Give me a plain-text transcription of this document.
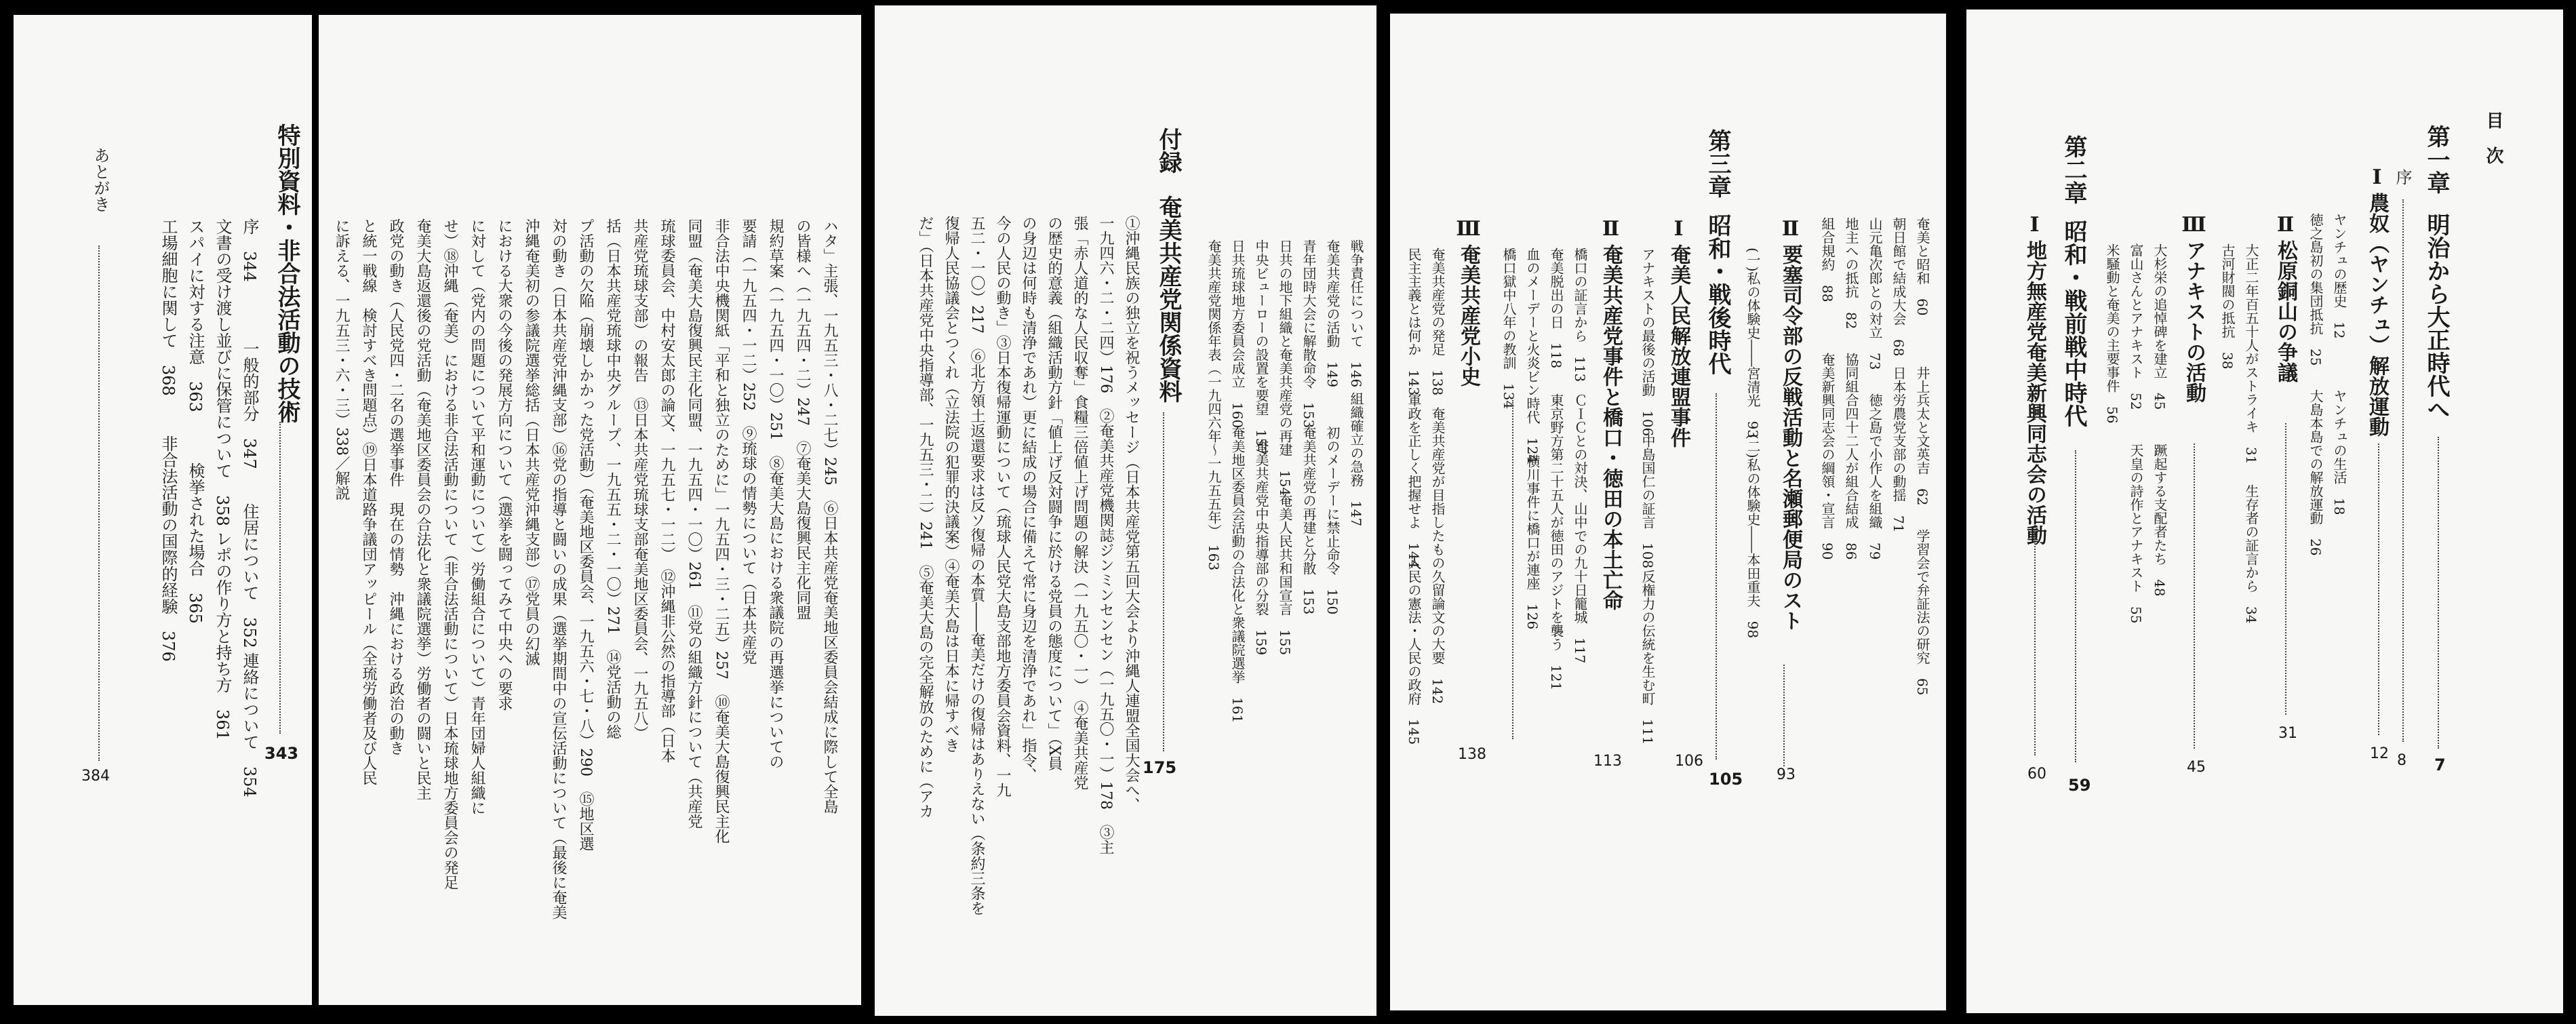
目　次
第一章
明治から大正時代へ
7
序
8
Ⅰ
農奴（ヤンチュ）解放運動
12
ヤンチュの歴史　12
ヤンチュの生活　18
徳之島初の集団抵抗　25
大島本島での解放運動　26
Ⅱ
松原銅山の争議
31
大正二年百五十人がストライキ　31
古河財閥の抵抗　38
生存者の証言から　34
Ⅲ
アナキストの活動
45
大杉栄の追悼碑を建立　45
蹶起する支配者たち　48
富山さんとアナキスト　52
天皇の詩作とアナキスト　55
米騒動と奄美の主要事件　56
第二章
昭和・戦前戦中時代
59
Ⅰ
地方無産党奄美新興同志会の活動
60
奄美と昭和　60
井上兵太と文英吉　62
学習会で弁証法の研究　65
朝日館で結成大会　68
日本労農党支部の動揺　71
山元亀次郎との対立　73
徳之島で小作人を組織　79
地主への抵抗　82
協同組合四十二人が組合結成　86
組合規約　88
奄美新興同志会の綱領・宣言　90
Ⅱ
要塞司令部の反戦活動と名瀬郵便局のスト
93
(一)私の体験史――宮清光　93
(二)私の体験史――本田重夫　98
第三章
昭和・戦後時代
105
Ⅰ
奄美人民解放連盟事件
106
アナキストの最後の活動　106
中島国仁の証言　108
反権力の伝統を生む町　111
Ⅱ
奄美共産党事件と橋口・徳田の本土亡命
113
橋口の証言から　113
ＣＩＣとの対決、山中での九十日籠城　117
奄美脱出の日　118
東京野方第二十五人が徳田のアジトを襲う　121
血のメーデーと火炎ビン時代　124
横川事件に橋口が連座　126
橋口獄中八年の教訓　134
Ⅲ
奄美共産党小史
138
奄美共産党の発足　138
奄美共産党が目指したもの久留論文の大要　142
民主主義とは何か　143
軍政を正しく把握せよ　144
人民の憲法・人民の政府　145
戦争責任について　146
組織確立の急務　147
奄美共産党の活動　149
初のメーデーに禁止命令　150
青年団時大会に解散命令　153
奄美共産党の再建と分散　153
日共の地下組織と奄美共産党の再建　154
奄美人民共和国宣言　155
中央ビューローの設置を要望　157
奄美共産党中央指導部の分裂　159
日共琉球地方委員会成立　160
奄美地区委員会活動の合法化と衆議院選挙　161
奄美共産党関係年表（一九四六年～一九五五年）　163
付録
奄美共産党関係資料
175
①沖縄民族の独立を祝うメッセージ（日本共産党第五回大会より沖縄人連盟全国大会へ、
一九四六・二・二四）176　②奄美共産党機関誌ジンミンセンセン（一九五〇・一）178　③主
張「赤人道的な人民収奪」食糧三倍値上げ問題の解決（一九五〇・一）　④奄美共産党
の歴史的意義（組織活動方針「値上げ反対闘争に於ける党員の態度について」（X員
の身辺は何時も清浄であれ）更に結成の場合に備えて常に身辺を清浄であれ」指令、
今の人民の動き」③日本復帰運動について（琉球人民党大島支部地方委員会資料、一九
五二・一〇）217　⑥北方領土返還要求は反ソ復帰の本質――奄美だけの復帰はありえない（条約三条を
復帰人民協議会とつくれ（立法院の犯罪的決議案）④奄美大島は日本に帰すべき
だ」（日本共産党中央指導部、一九五三・二）241　⑤奄美大島の完全解放のために（アカ
ハタ」主張、一九五三・八・二七）245　⑥日本共産党奄美地区委員会結成に際して全島
の皆様へ（一九五四・二）247　⑦奄美大島復興民主化同盟
規約草案（一九五四・一〇）251　⑧奄美大島における衆議院の再選挙についての
要請（一九五四・一二）252　⑨琉球の情勢について（日本共産党
非合法中央機関紙「平和と独立のために」一九五四・三・二五）257　⑩奄美大島復興民主化
同盟（奄美大島復興民主化同盟、一九五四・一〇）261　⑪党の組織方針について（共産党
琉球委員会、中村安太郎の論文、一九五七・一二）　⑫沖縄非公然の指導部（日本
共産党琉球支部）の報告　⑬日本共産党琉球支部奄美地区委員会、一九五八）
括（日本共産党琉球中央グループ、一九五五・二・一〇）271　⑭党活動の総
プ活動の欠陥（崩壊しかかった党活動）（奄美地区委員会、一九五六・七・八）290　⑮地区選
対の動き（日本共産党沖縄支部）⑯党の指導と闘いの成果（選挙期間中の宣伝活動について（最後に奄美
沖縄奄美初の参議院選挙総括（日本共産党沖縄支部）⑰党員の幻滅
における大衆の今後の発展方向について（選挙を闘ってみて中央への要求
に対して（党内の問題について平和運動について）労働組合について）青年団婦人組織に
せ）⑱沖縄（奄美）における非合法活動について（非合法活動について）日本琉球地方委員会の発足
奄美大島返還後の党活動（奄美地区委員会の合法化と衆議院選挙）労働者の闘いと民主
政党の動き（人民党四・二名の選挙事件　現在の情勢　沖縄における政治の動き
と統一戦線　検討すべき問題点）⑲日本道路争議団アッピール（全琉労働者及び人民
に訴える、一九五三・六・三）338／解説
特別資料・非合法活動の技術
343
序　344
一般的部分　347
住居について　352
連絡について　354
文書の受け渡し並びに保管について　358
レポの作り方と持ち方　361
スパイに対する注意　363
検挙された場合　365
工場細胞に関して　368
非合法活動の国際的経験　376
あとがき
384
